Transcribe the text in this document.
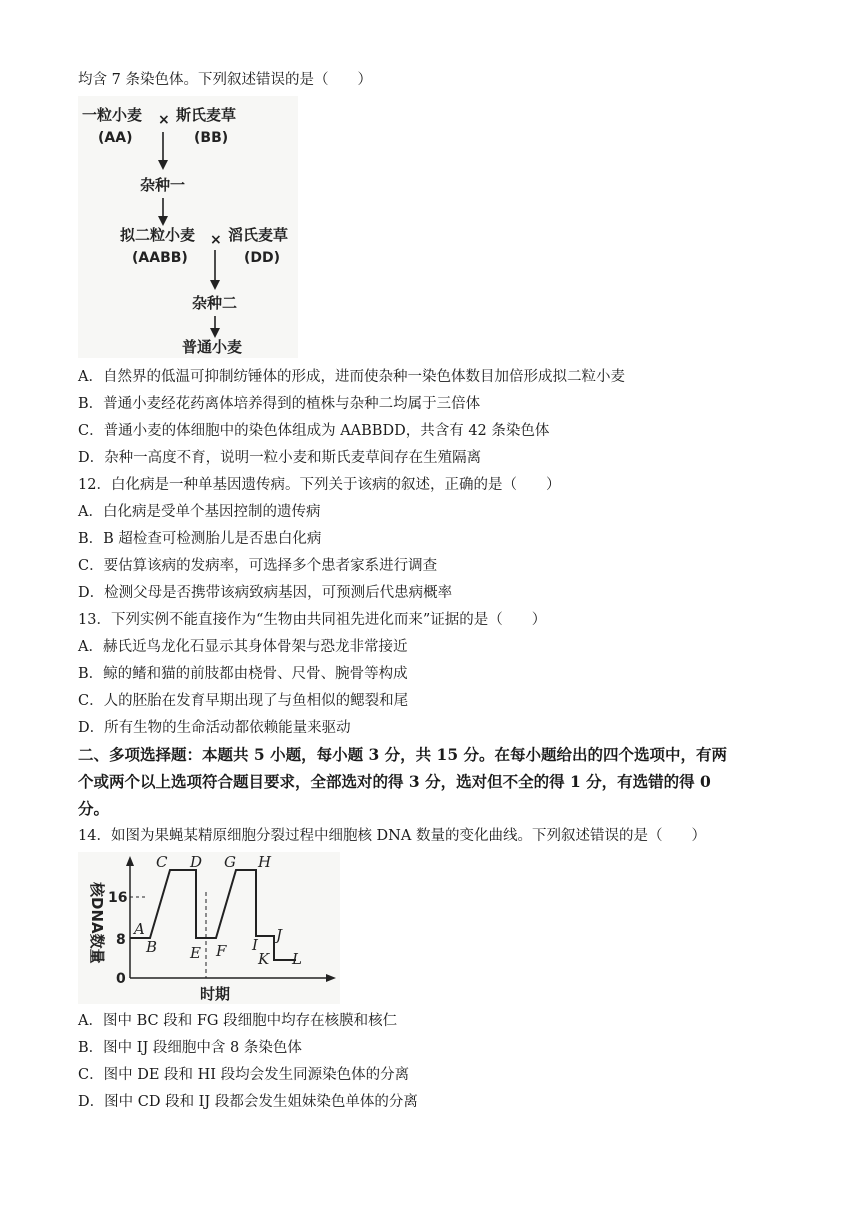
均含 7 条染色体。下列叙述错误的是（　　）
一粒小麦 × 斯氏麦草
(AA)	(BB)
杂种一
拟二粒小麦 × 滔氏麦草
(AABB)	(DD)
杂种二
普通小麦
A．自然界的低温可抑制纺锤体的形成，进而使杂种一染色体数目加倍形成拟二粒小麦
B．普通小麦经花药离体培养得到的植株与杂种二均属于三倍体
C．普通小麦的体细胞中的染色体组成为 AABBDD，共含有 42 条染色体
D．杂种一高度不育，说明一粒小麦和斯氏麦草间存在生殖隔离
12．白化病是一种单基因遗传病。下列关于该病的叙述，正确的是（　　）
A．白化病是受单个基因控制的遗传病
B．B 超检查可检测胎儿是否患白化病
C．要估算该病的发病率，可选择多个患者家系进行调查
D．检测父母是否携带该病致病基因，可预测后代患病概率
13．下列实例不能直接作为“生物由共同祖先进化而来”证据的是（　　）
A．赫氏近鸟龙化石显示其身体骨架与恐龙非常接近
B．鲸的鳍和猫的前肢都由桡骨、尺骨、腕骨等构成
C．人的胚胎在发育早期出现了与鱼相似的鳃裂和尾
D．所有生物的生命活动都依赖能量来驱动
二、多项选择题：本题共 5 小题，每小题 3 分，共 15 分。在每小题给出的四个选项中，有两
个或两个以上选项符合题目要求，全部选对的得 3 分，选对但不全的得 1 分，有选错的得 0
分。
14．如图为果蝇某精原细胞分裂过程中细胞核 DNA 数量的变化曲线。下列叙述错误的是（　　）
核DNA数量 16
8
0
A
B
C D
E F
G H
I
J
K L
时期
A．图中 BC 段和 FG 段细胞中均存在核膜和核仁
B．图中 IJ 段细胞中含 8 条染色体
C．图中 DE 段和 HI 段均会发生同源染色体的分离
D．图中 CD 段和 IJ 段都会发生姐妹染色单体的分离
